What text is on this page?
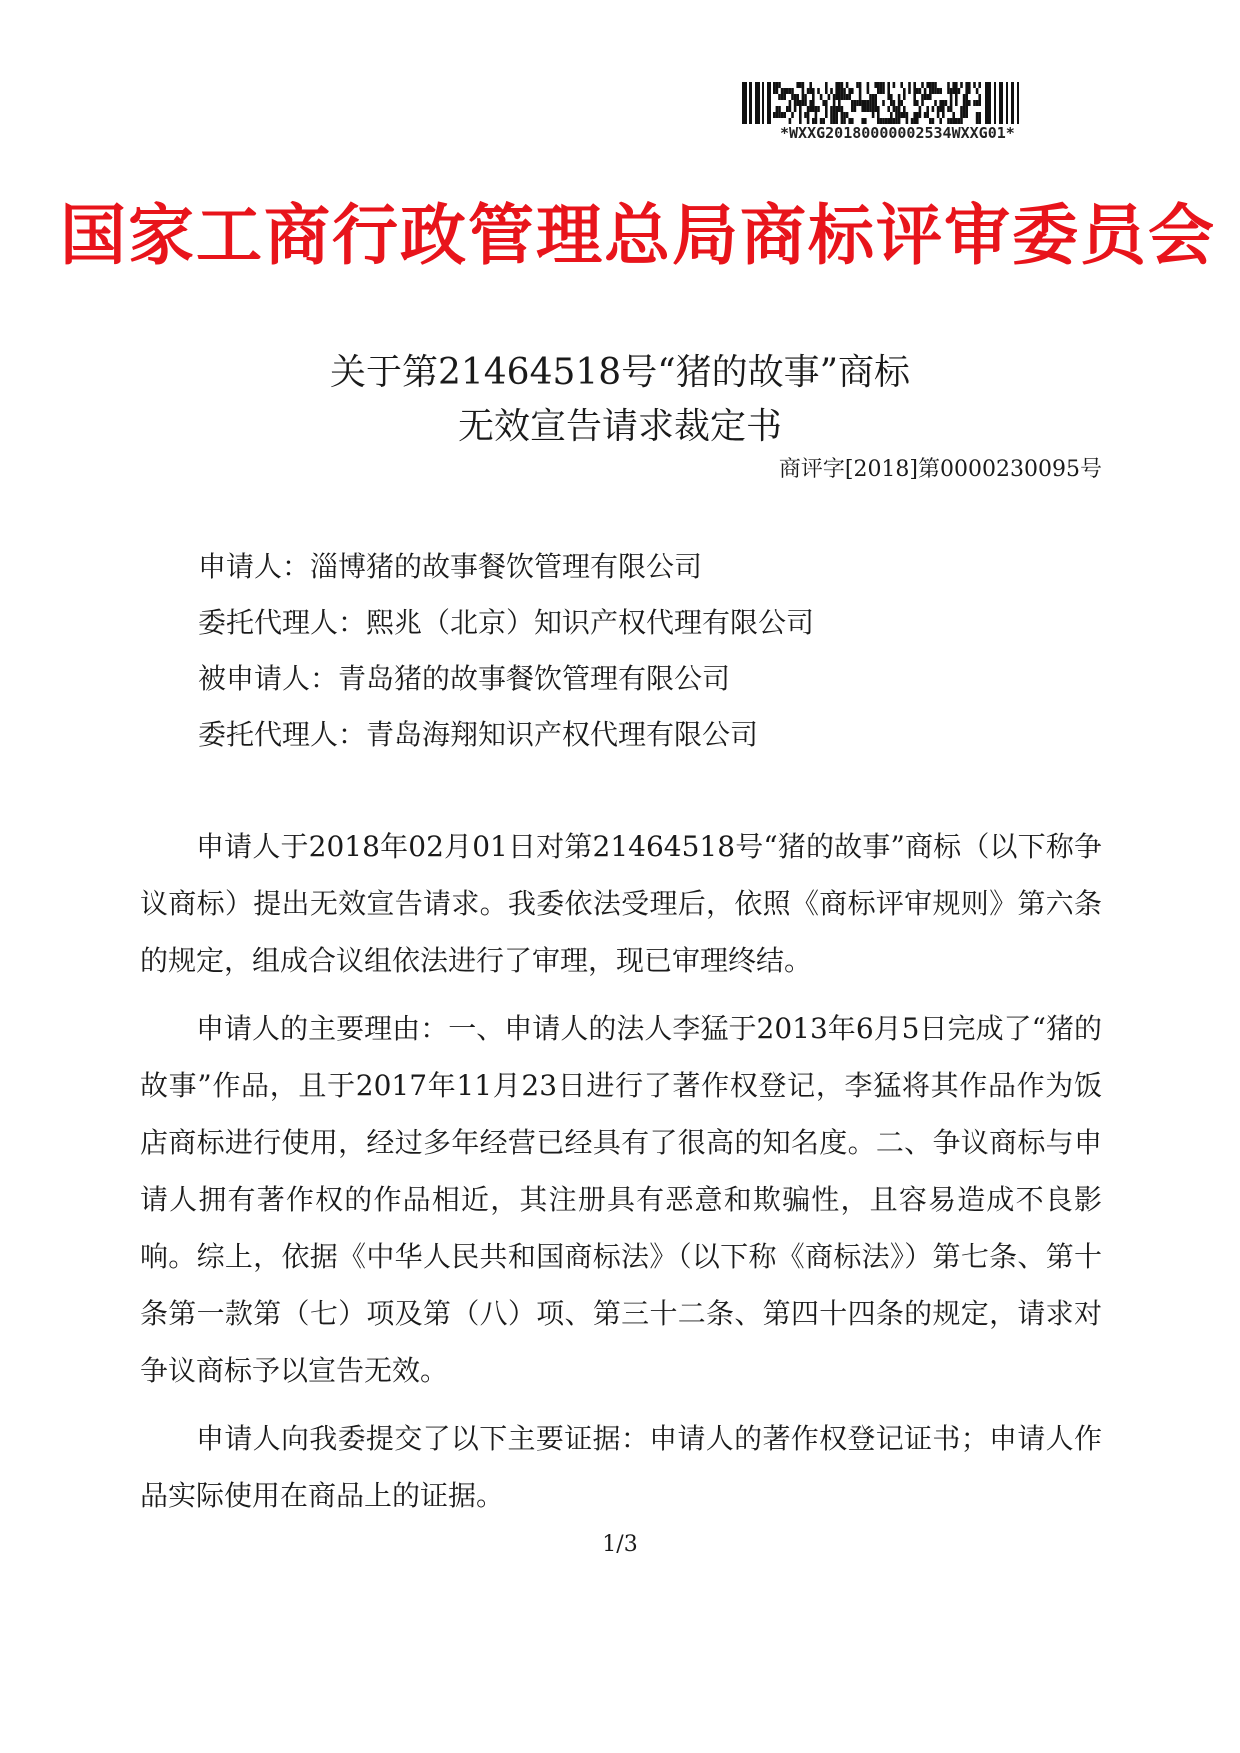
*WXXG20180000002534WXXG01*
国家工商行政管理总局商标评审委员会
关于第21464518号“猪的故事”商标
无效宣告请求裁定书
商评字[2018]第0000230095号
申请人：淄博猪的故事餐饮管理有限公司
委托代理人：熙兆（北京）知识产权代理有限公司
被申请人：青岛猪的故事餐饮管理有限公司
委托代理人：青岛海翔知识产权代理有限公司

申请人于2018年02月01日对第21464518号“猪的故事”商标（以下称争议商标）提出无效宣告请求。我委依法受理后，依照《商标评审规则》第六条的规定，组成合议组依法进行了审理，现已审理终结。

申请人的主要理由：一、申请人的法人李猛于2013年6月5日完成了“猪的故事”作品，且于2017年11月23日进行了著作权登记，李猛将其作品作为饭店商标进行使用，经过多年经营已经具有了很高的知名度。二、争议商标与申请人拥有著作权的作品相近，其注册具有恶意和欺骗性，且容易造成不良影响。综上，依据《中华人民共和国商标法》（以下称《商标法》）第七条、第十条第一款第（七）项及第（八）项、第三十二条、第四十四条的规定，请求对争议商标予以宣告无效。

申请人向我委提交了以下主要证据：申请人的著作权登记证书；申请人作品实际使用在商品上的证据。

1/3
